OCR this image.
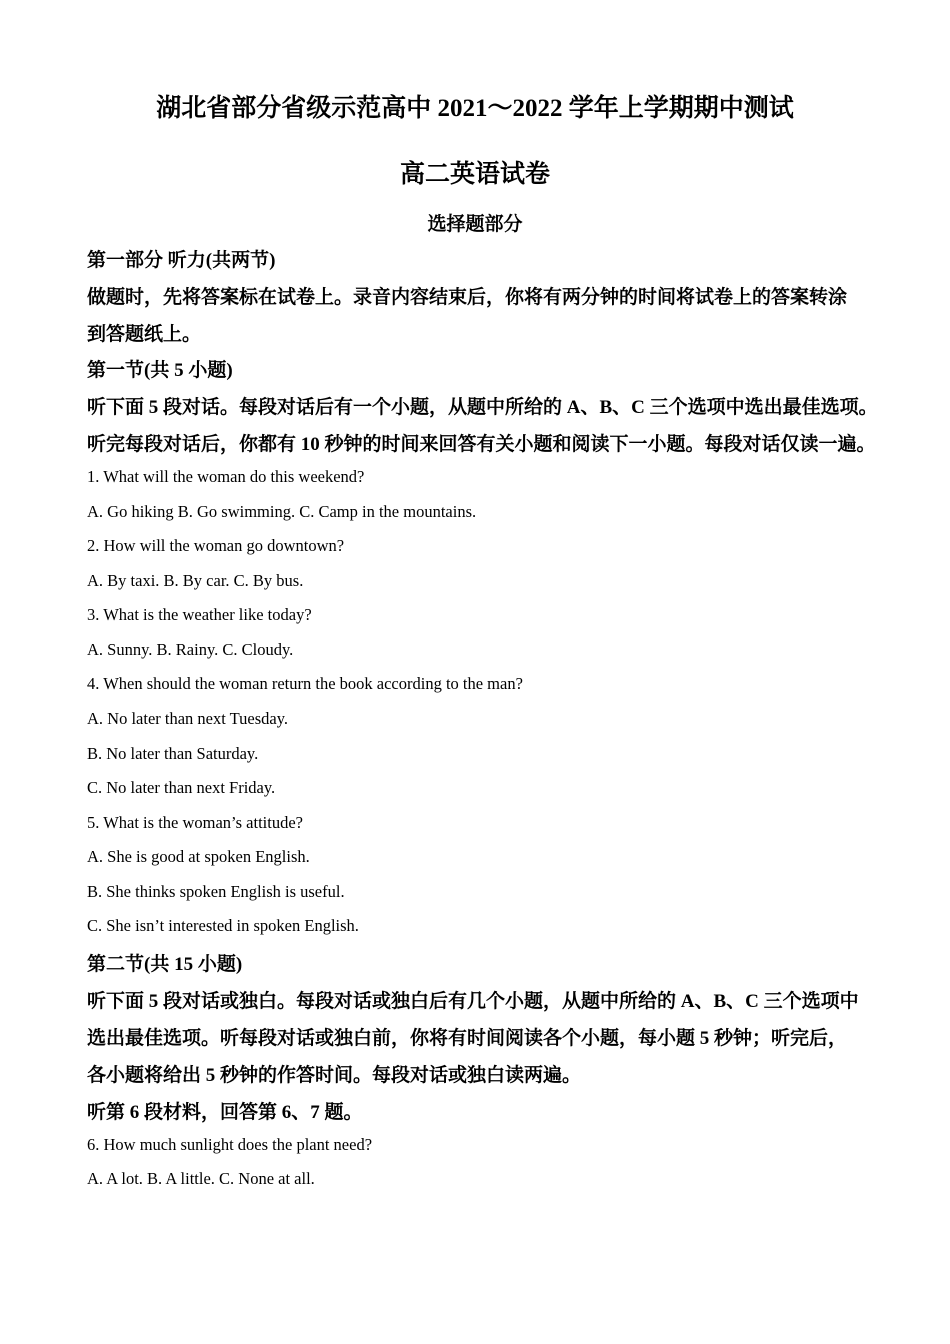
湖北省部分省级示范高中 2021～2022 学年上学期期中测试
高二英语试卷
选择题部分
第一部分 听力(共两节)
做题时，先将答案标在试卷上。录音内容结束后，你将有两分钟的时间将试卷上的答案转涂
到答题纸上。
第一节(共 5 小题)
听下面 5 段对话。每段对话后有一个小题，从题中所给的 A、B、C 三个选项中选出最佳选项。
听完每段对话后，你都有 10 秒钟的时间来回答有关小题和阅读下一小题。每段对话仅读一遍。
1. What will the woman do this weekend?
A. Go hiking B. Go swimming. C. Camp in the mountains.
2. How will the woman go downtown?
A. By taxi. B. By car. C. By bus.
3. What is the weather like today?
A. Sunny. B. Rainy. C. Cloudy.
4. When should the woman return the book according to the man?
A. No later than next Tuesday.
B. No later than Saturday.
C. No later than next Friday.
5. What is the woman’s attitude?
A. She is good at spoken English.
B. She thinks spoken English is useful.
C. She isn’t interested in spoken English.
第二节(共 15 小题)
听下面 5 段对话或独白。每段对话或独白后有几个小题，从题中所给的 A、B、C 三个选项中
选出最佳选项。听每段对话或独白前，你将有时间阅读各个小题，每小题 5 秒钟；听完后，
各小题将给出 5 秒钟的作答时间。每段对话或独白读两遍。
听第 6 段材料，回答第 6、7 题。
6. How much sunlight does the plant need?
A. A lot. B. A little. C. None at all.
